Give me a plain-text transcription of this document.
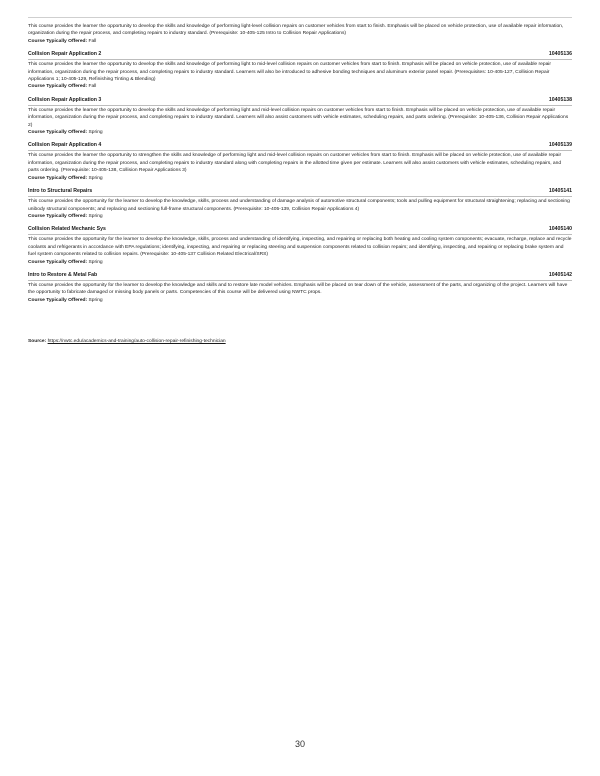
This course provides the learner the opportunity to develop the skills and knowledge of performing light-level collision repairs on customer vehicles from start to finish. Emphasis will be placed on vehicle protection, use of available repair information, organization during the repair process, and completing repairs to industry standard. (Prerequisite: 10-405-125 Intro to Collision Repair Applications)

Course Typically Offered: Fall

Collision Repair Application 2	10405136

This course provides the learner the opportunity to develop the skills and knowledge of performing light to mid-level collision repairs on customer vehicles from start to finish. Emphasis will be placed on vehicle protection, use of available repair information, organization during the repair process, and completing repairs to industry standard. Learners will also be introduced to adhesive bonding techniques and aluminum exterior panel repair. (Prerequisites: 10-405-127, Collision Repair Applications 1; 10-405-129, Refinishing Tinting & Blending)

Course Typically Offered: Fall

Collision Repair Application 3	10405138

This course provides the learner the opportunity to develop the skills and knowledge of performing light and mid-level collision repairs on customer vehicles from start to finish. Emphasis will be placed on vehicle protection, use of available repair information, organization during the repair process, and completing repairs to industry standard. Learners will also assist customers with vehicle estimates, scheduling repairs, and parts ordering. (Prerequisite: 10-405-136, Collision Repair Applications 2)

Course Typically Offered: Spring

Collision Repair Application 4	10405139

This course provides the learner the opportunity to strengthen the skills and knowledge of performing light and mid-level collision repairs on customer vehicles from start to finish. Emphasis will be placed on vehicle protection, use of available repair information, organization during the repair process, and completing repairs to industry standard along with completing repairs in the allotted time given per estimate. Learners will also assist customers with vehicle estimates, scheduling repairs, and parts ordering. (Prerequisite: 10-405-138, Collision Repair Applications 3)

Course Typically Offered: Spring

Intro to Structural Repairs	10405141

This course provides the opportunity for the learner to develop the knowledge, skills, process and understanding of damage analysis of automotive structural components; tools and pulling equipment for structural straightening; replacing and sectioning unibody structural components; and replacing and sectioning full-frame structural components. (Prerequisite: 10-405-139, Collision Repair Applications 4)

Course Typically Offered: Spring

Collision Related Mechanic Sys	10405140

This course provides the opportunity for the learner to develop the knowledge, skills, process and understanding of identifying, inspecting, and repairing or replacing both heating and cooling system components; evacuate, recharge, replace and recycle coolants and refrigerants in accordance with EPA regulations; identifying, inspecting, and repairing or replacing steering and suspension components related to collision repairs; and identifying, inspecting, and repairing or replacing brake system and fuel system components related to collision repairs. (Prerequisite: 10-405-137 Collision Related Electrical/SRS)

Course Typically Offered: Spring

Intro to Restore & Metal Fab	10405142

This course provides the opportunity for the learner to develop the knowledge and skills and to restore late model vehicles. Emphasis will be placed on tear down of the vehicle, assessment of the parts, and organizing of the project. Learners will have the opportunity to fabricate damaged or missing body panels or parts. Competencies of this course will be delivered using NWTC props.

Course Typically Offered: Spring

Source: https://nwtc.edu/academics-and-training/auto-collision-repair-refinishing-technician
30
